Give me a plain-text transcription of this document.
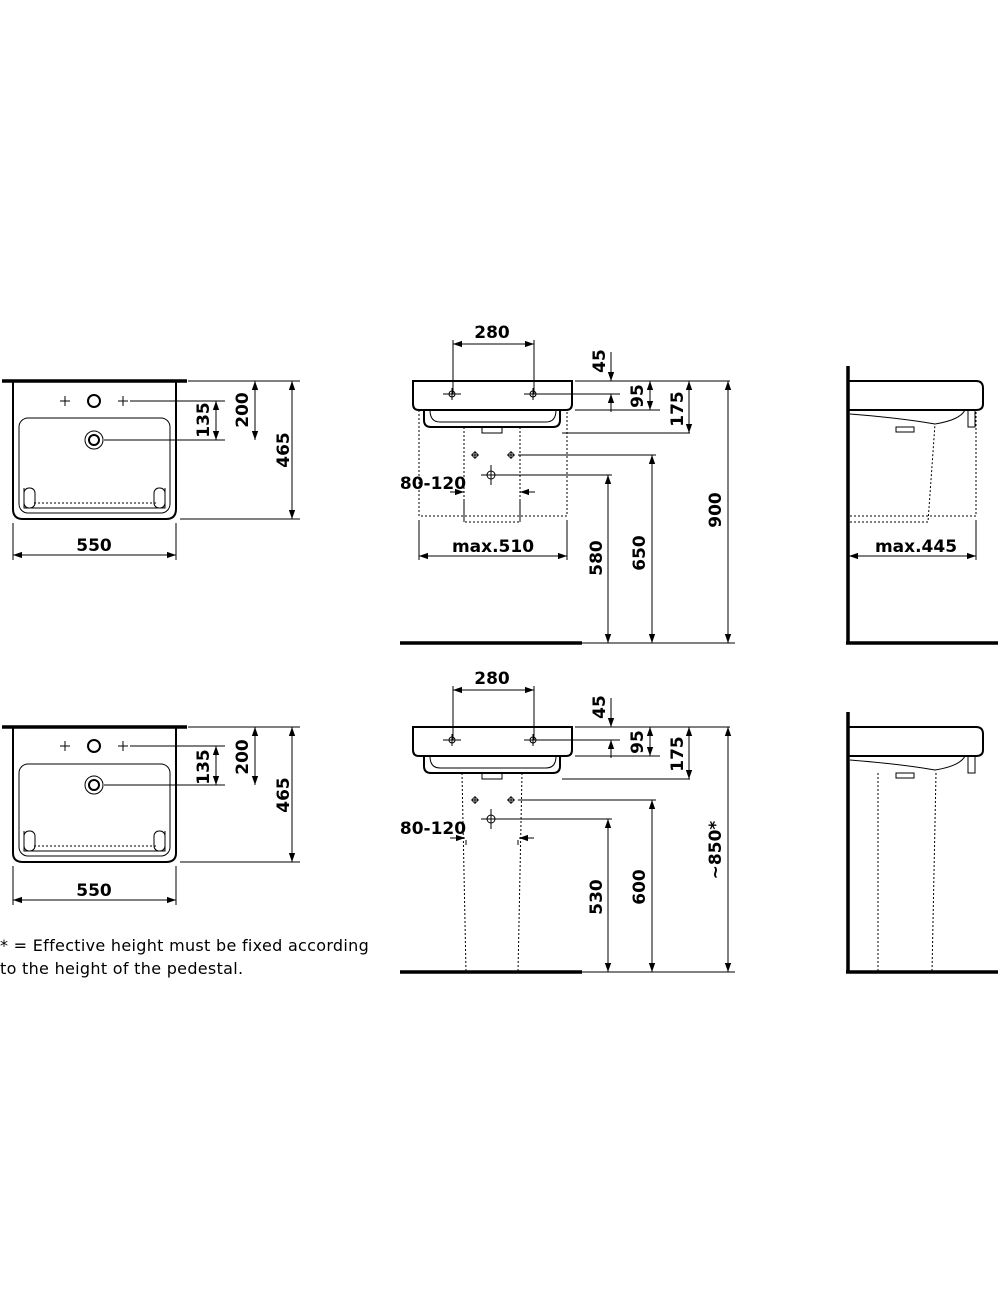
135 200
465
550
280
45
95 175
900
80-120
max.510	580 650	max.445
135 200
465
550
280
45
95 175
~850*
80-120
530 600
* = Effective height must be fixed according
to the height of the pedestal.
